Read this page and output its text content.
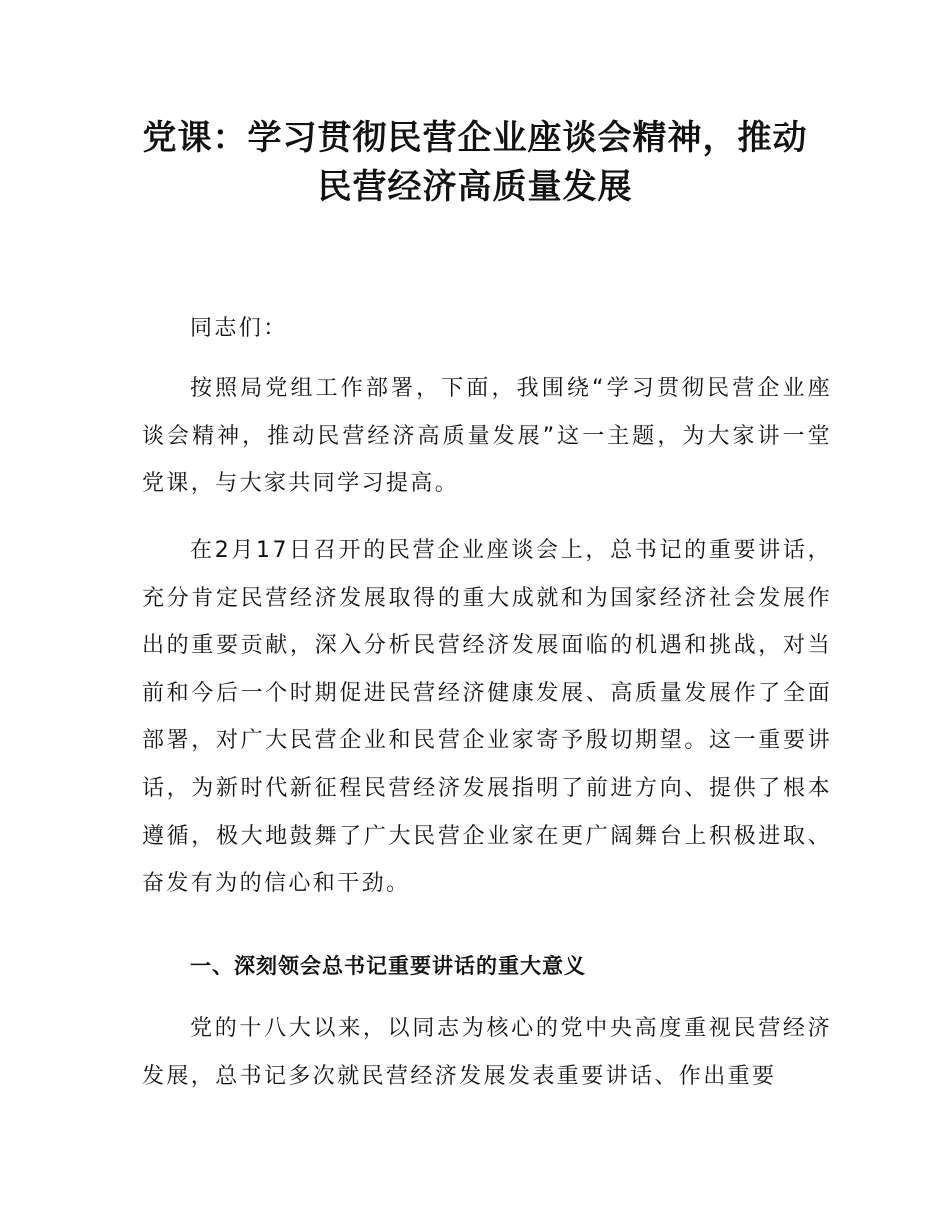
党课：学习贯彻民营企业座谈会精神，推动
民营经济高质量发展

同志们：

按照局党组工作部署，下面，我围绕“学习贯彻民营企业座谈会精神，推动民营经济高质量发展”这一主题，为大家讲一堂党课，与大家共同学习提高。

在2月17日召开的民营企业座谈会上，总书记的重要讲话，充分肯定民营经济发展取得的重大成就和为国家经济社会发展作出的重要贡献，深入分析民营经济发展面临的机遇和挑战，对当前和今后一个时期促进民营经济健康发展、高质量发展作了全面部署，对广大民营企业和民营企业家寄予殷切期望。这一重要讲话，为新时代新征程民营经济发展指明了前进方向、提供了根本遵循，极大地鼓舞了广大民营企业家在更广阔舞台上积极进取、奋发有为的信心和干劲。

一、深刻领会总书记重要讲话的重大意义

党的十八大以来，以同志为核心的党中央高度重视民营经济发展，总书记多次就民营经济发展发表重要讲话、作出重要
